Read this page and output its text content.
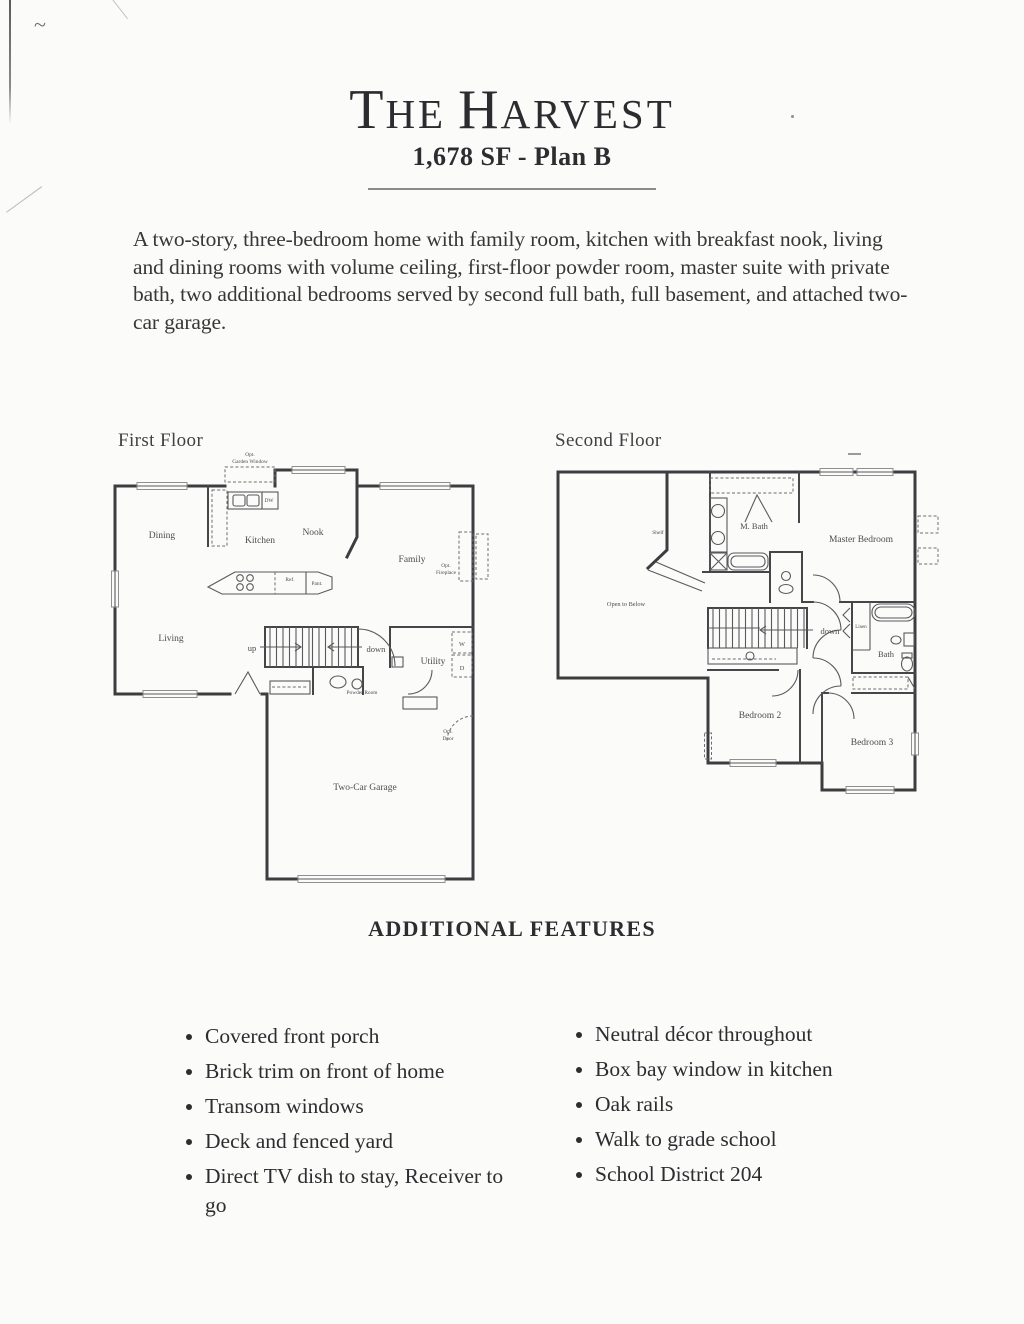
~
THE HARVEST
1,678 SF - Plan B
A two-story, three-bedroom home with family room, kitchen with breakfast nook, living and dining rooms with volume ceiling, first-floor powder room, master suite with private bath, two additional bedrooms served by second full bath, full basement, and attached two-car garage.
First Floor	Second Floor
Opt.
Garden Window
DW
Dining	Kitchen
Nook
Family
Opt.
Fireplace
Ref.
Pant.
Living
up	down
Utility
Powder Room
W
D
Opt.
Door
Two-Car Garage
Shelf
M. Bath
Master Bedroom
Open to Below
down	Linen
Bath
Bedroom 2
Bedroom 3
ADDITIONAL FEATURES
• Covered front porch
• Brick trim on front of home
• Transom windows
• Deck and fenced yard
• Direct TV dish to stay, Receiver to go
• Neutral décor throughout
• Box bay window in kitchen
• Oak rails
• Walk to grade school
• School District 204
